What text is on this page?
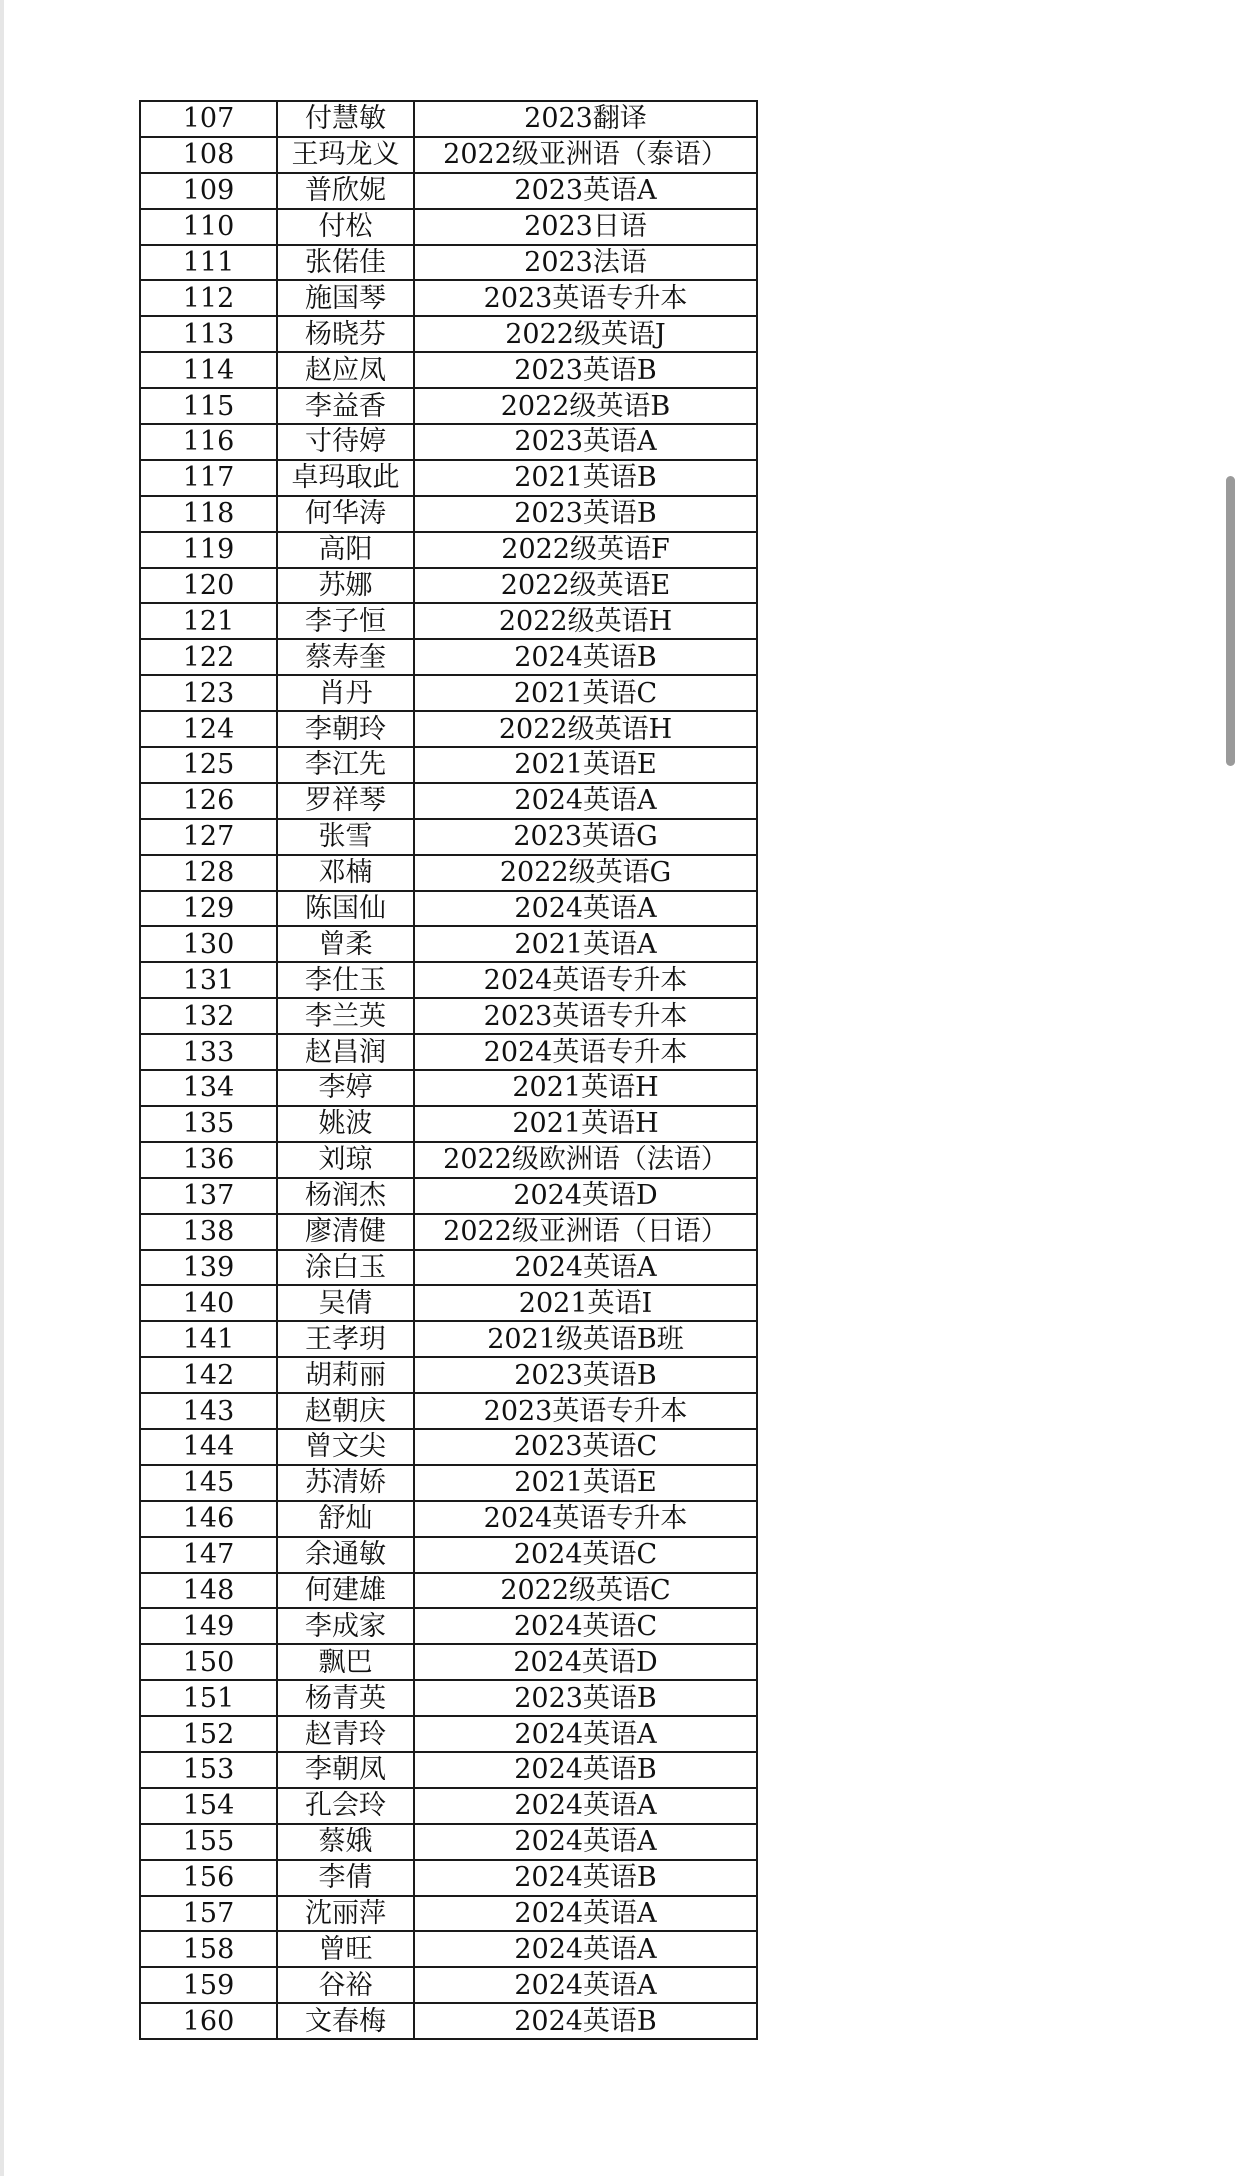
107	付慧敏	2023翻译
108	王玛龙义	2022级亚洲语（泰语）
109	普欣妮	2023英语A
110	付松	2023日语
111	张偌佳	2023法语
112	施国琴	2023英语专升本
113	杨晓芬	2022级英语J
114	赵应凤	2023英语B
115	李益香	2022级英语B
116	寸待婷	2023英语A
117	卓玛取此	2021英语B
118	何华涛	2023英语B
119	高阳	2022级英语F
120	苏娜	2022级英语E
121	李子恒	2022级英语H
122	蔡寿奎	2024英语B
123	肖丹	2021英语C
124	李朝玲	2022级英语H
125	李江先	2021英语E
126	罗祥琴	2024英语A
127	张雪	2023英语G
128	邓楠	2022级英语G
129	陈国仙	2024英语A
130	曾柔	2021英语A
131	李仕玉	2024英语专升本
132	李兰英	2023英语专升本
133	赵昌润	2024英语专升本
134	李婷	2021英语H
135	姚波	2021英语H
136	刘琼	2022级欧洲语（法语）
137	杨润杰	2024英语D
138	廖清健	2022级亚洲语（日语）
139	涂白玉	2024英语A
140	吴倩	2021英语I
141	王孝玥	2021级英语B班
142	胡莉丽	2023英语B
143	赵朝庆	2023英语专升本
144	曾文尖	2023英语C
145	苏清娇	2021英语E
146	舒灿	2024英语专升本
147	余通敏	2024英语C
148	何建雄	2022级英语C
149	李成家	2024英语C
150	飘巴	2024英语D
151	杨青英	2023英语B
152	赵青玲	2024英语A
153	李朝凤	2024英语B
154	孔会玲	2024英语A
155	蔡娥	2024英语A
156	李倩	2024英语B
157	沈丽萍	2024英语A
158	曾旺	2024英语A
159	谷裕	2024英语A
160	文春梅	2024英语B
